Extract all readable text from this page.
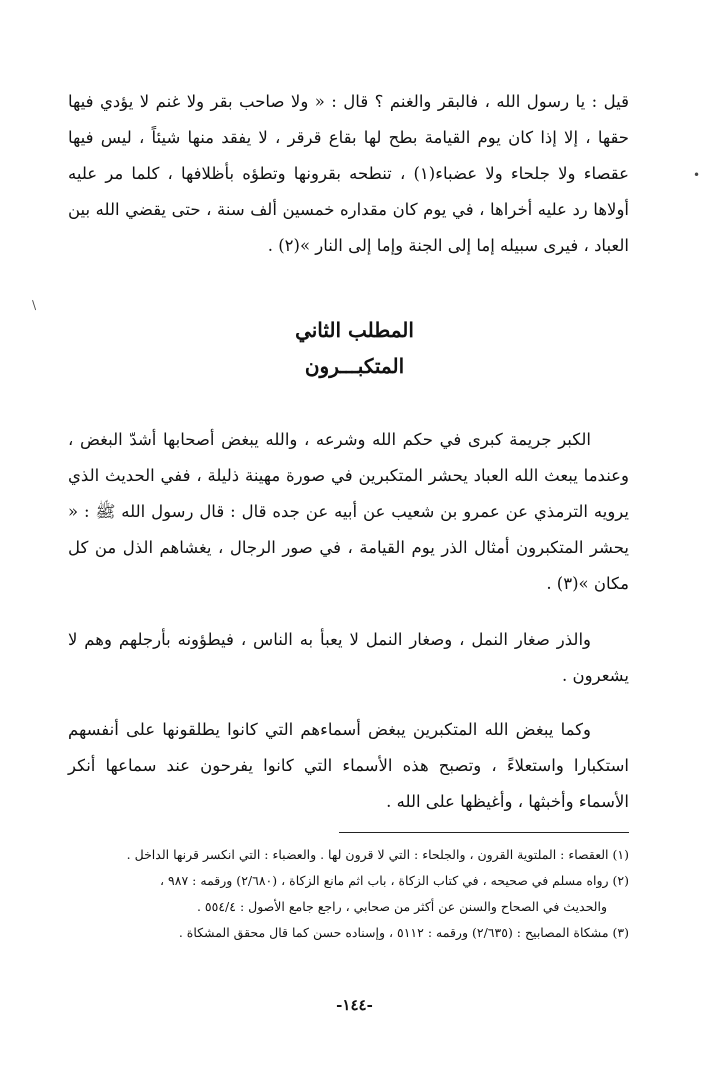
•
/

قيل : يا رسول الله ، فالبقر والغنم ؟ قال : « ولا صاحب بقر ولا غنم لا يؤدي فيها حقها ، إلا إذا كان يوم القيامة بطح لها بقاع قرقر ، لا يفقد منها شيئاً ، ليس فيها عقصاء ولا جلحاء ولا عضباء(١) ، تنطحه بقرونها وتطؤه بأظلافها ، كلما مر عليه أولاها رد عليه أخراها ، في يوم كان مقداره خمسين ألف سنة ، حتى يقضي الله بين العباد ، فيرى سبيله إما إلى الجنة وإما إلى النار »(٢) .

المطلب الثاني
المتكبـــرون

الكبر جريمة كبرى في حكم الله وشرعه ، والله يبغض أصحابها أشدّ البغض ، وعندما يبعث الله العباد يحشر المتكبرين في صورة مهينة ذليلة ، ففي الحديث الذي يرويه الترمذي عن عمرو بن شعيب عن أبيه عن جده قال : قال رسول الله ﷺ : « يحشر المتكبرون أمثال الذر يوم القيامة ، في صور الرجال ، يغشاهم الذل من كل مكان »(٣) .

والذر صغار النمل ، وصغار النمل لا يعبأ به الناس ، فيطؤونه بأرجلهم وهم لا يشعرون .

وكما يبغض الله المتكبرين يبغض أسماءهم التي كانوا يطلقونها على أنفسهم استكبارا واستعلاءً ، وتصبح هذه الأسماء التي كانوا يفرحون عند سماعها أنكر الأسماء وأخبثها ، وأغيظها على الله .

(١) العقصاء : الملتوية القرون ، والجلحاء : التي لا قرون لها . والعضباء : التي انكسر قرنها الداخل .
(٢) رواه مسلم في صحيحه ، في كتاب الزكاة ، باب اثم مانع الزكاة ، (٢/٦٨٠) ورقمه : ٩٨٧ ،
والحديث في الصحاح والسنن عن أكثر من صحابي ، راجع جامع الأصول : ٥٥٤/٤ .
(٣) مشكاة المصابيح : (٢/٦٣٥) ورقمه : ٥١١٢ ، وإسناده حسن كما قال محقق المشكاة .
-١٤٤-
